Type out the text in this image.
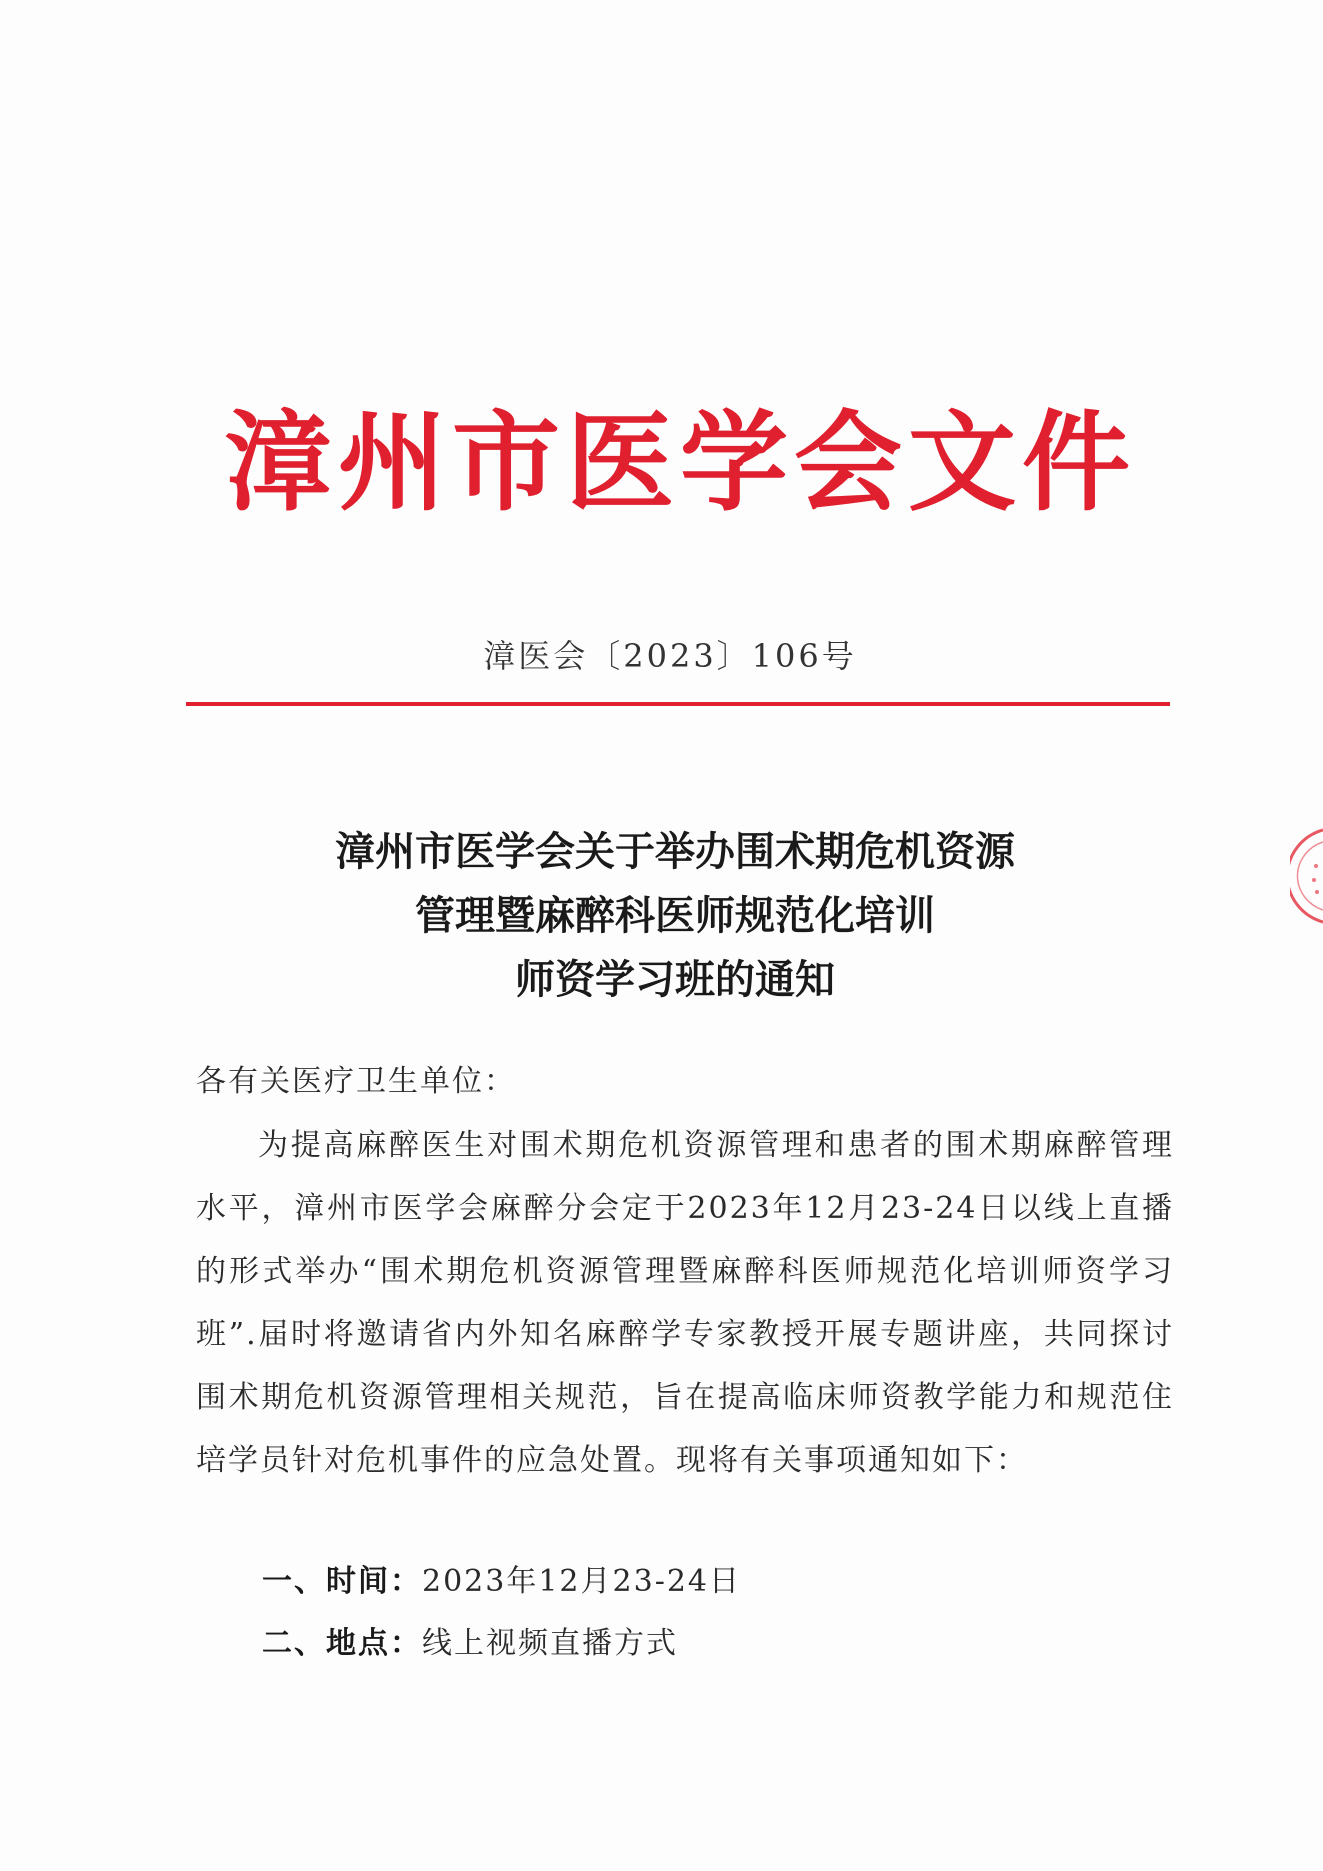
漳州市医学会文件
漳医会〔2023〕106号
漳州市医学会关于举办围术期危机资源
管理暨麻醉科医师规范化培训
师资学习班的通知
各有关医疗卫生单位：
为提高麻醉医生对围术期危机资源管理和患者的围术期麻醉管理水平，漳州市医学会麻醉分会定于2023年12月23-24日以线上直播的形式举办“围术期危机资源管理暨麻醉科医师规范化培训师资学习班”.届时将邀请省内外知名麻醉学专家教授开展专题讲座，共同探讨围术期危机资源管理相关规范，旨在提高临床师资教学能力和规范住培学员针对危机事件的应急处置。现将有关事项通知如下：
一、时间：2023年12月23-24日
二、地点：线上视频直播方式
